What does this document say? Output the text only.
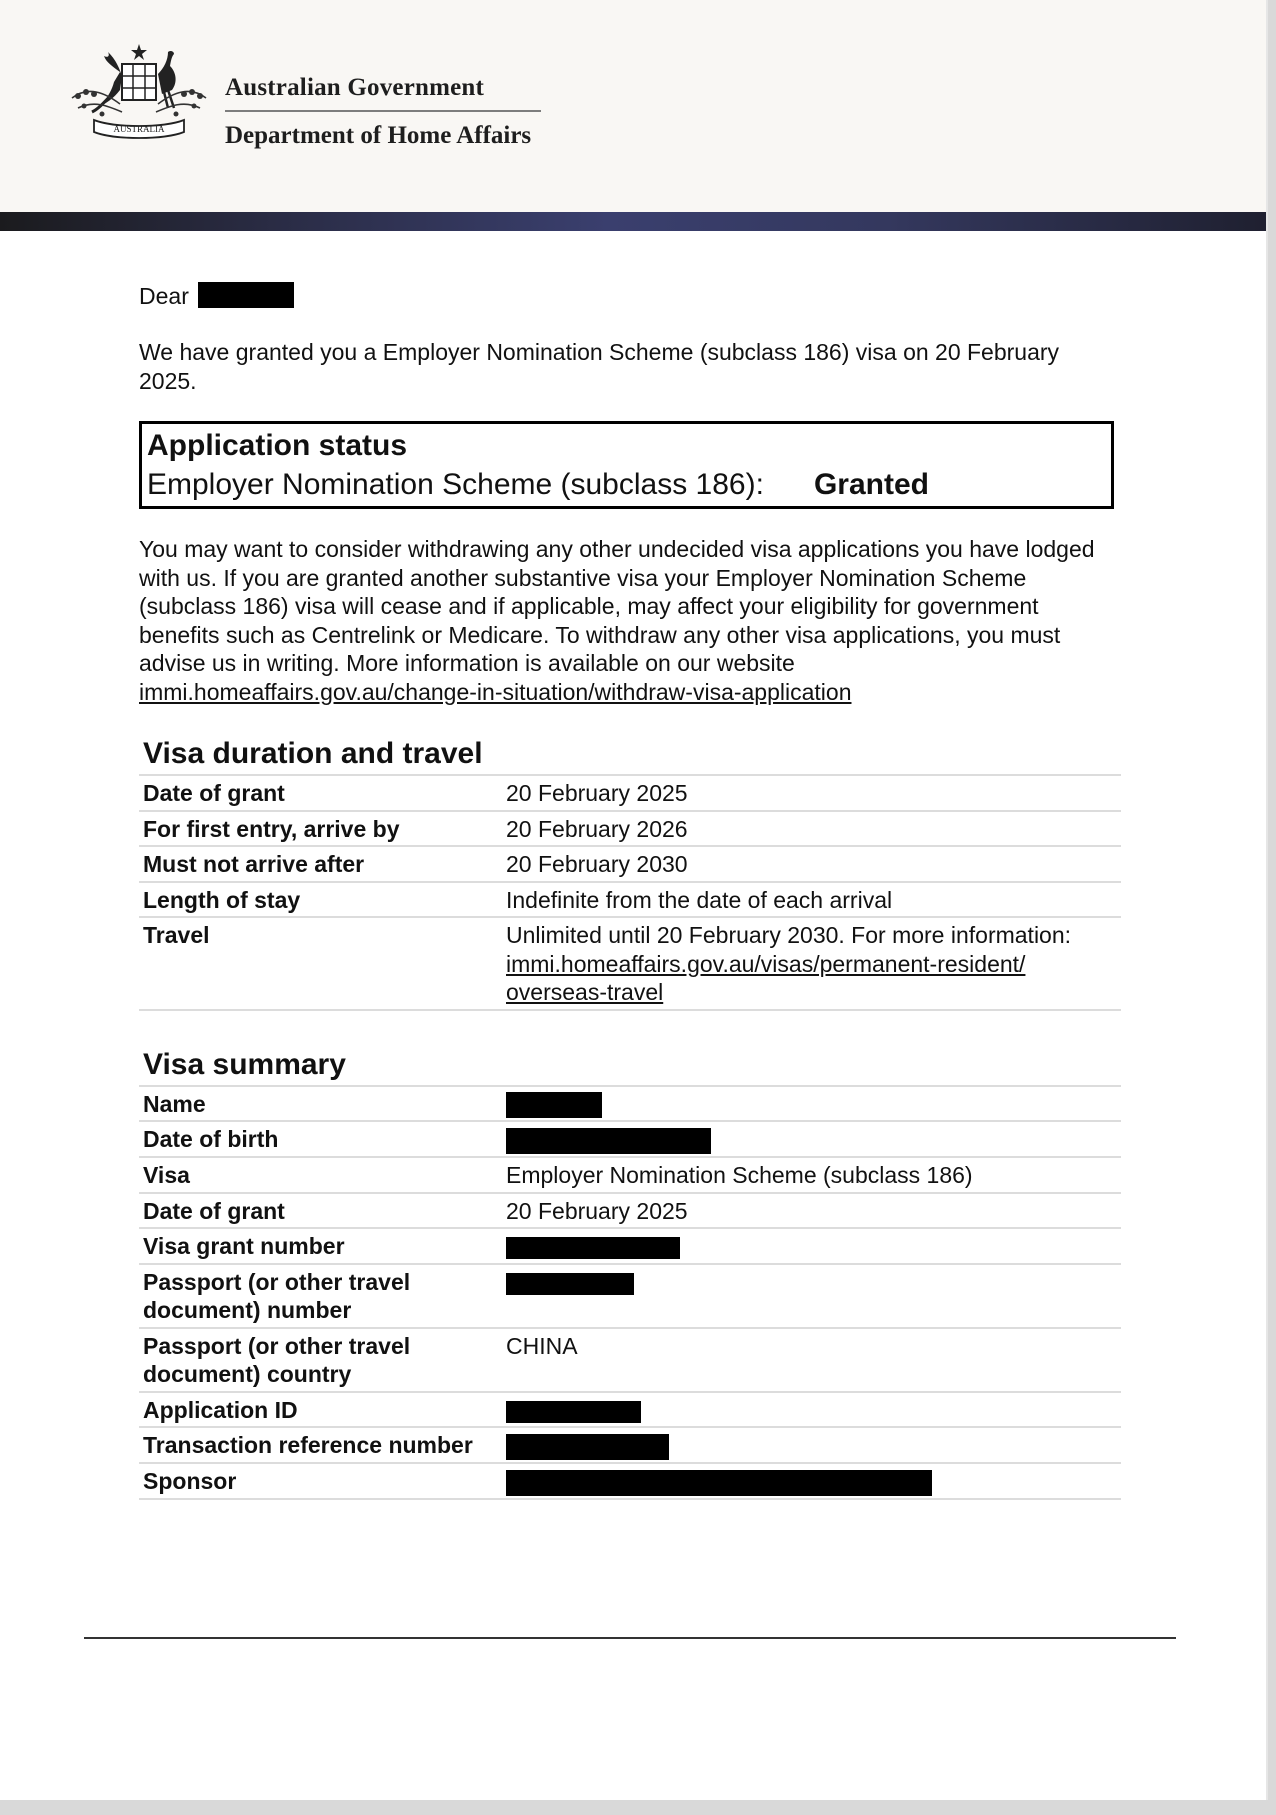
AUSTRALIA
Australian Government
Department of Home Affairs

Dear

We have granted you a Employer Nomination Scheme (subclass 186) visa on 20 February 2025.

Application status
Employer Nomination Scheme (subclass 186): Granted

You may want to consider withdrawing any other undecided visa applications you have lodged with us. If you are granted another substantive visa your Employer Nomination Scheme (subclass 186) visa will cease and if applicable, may affect your eligibility for government benefits such as Centrelink or Medicare. To withdraw any other visa applications, you must advise us in writing. More information is available on our website
immi.homeaffairs.gov.au/change-in-situation/withdraw-visa-application

Visa duration and travel
Date of grant	20 February 2025
For first entry, arrive by	20 February 2026
Must not arrive after	20 February 2030
Length of stay	Indefinite from the date of each arrival
Travel	Unlimited until 20 February 2030. For more information:
immi.homeaffairs.gov.au/visas/permanent-resident/ overseas-travel
Visa summary
Name	
Date of birth	
Visa	Employer Nomination Scheme (subclass 186)
Date of grant	20 February 2025
Visa grant number	
Passport (or other travel document) number	
Passport (or other travel document) country	CHINA
Application ID	
Transaction reference number	
Sponsor	
